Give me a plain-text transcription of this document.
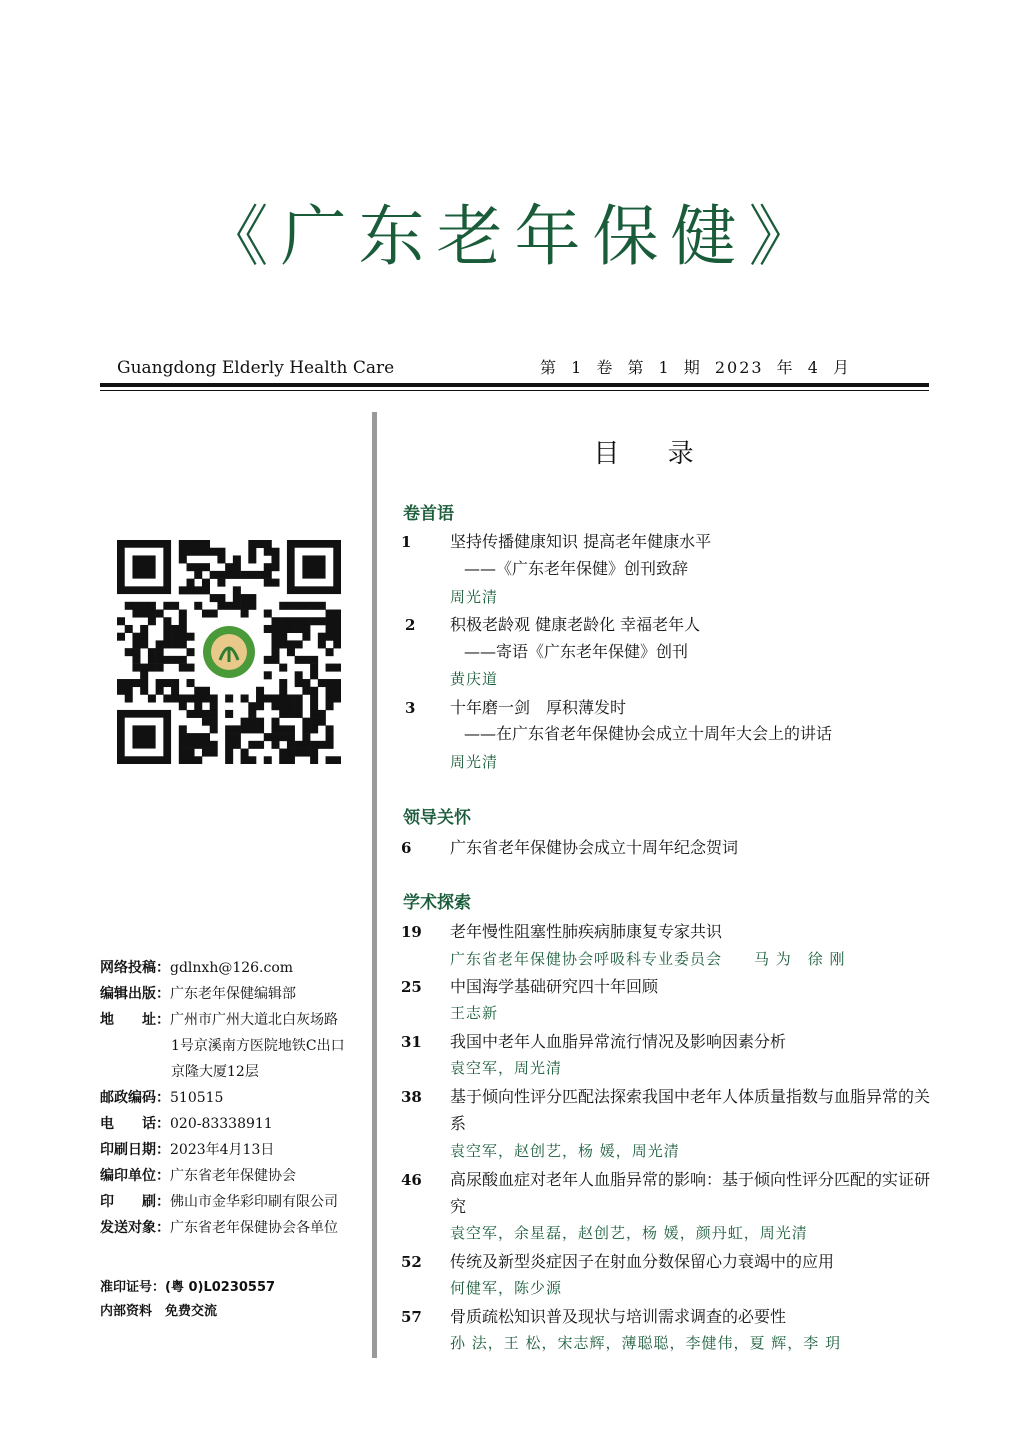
《广东老年保健》
Guangdong Elderly Health Care	第 1 卷 第 1 期 2023 年 4 月
网络投稿：gdlnxh@126.com
编辑出版：广东老年保健编辑部
地　　址：广州市广州大道北白灰场路
1号京溪南方医院地铁C出口
京隆大厦12层
邮政编码：510515
电　　话：020-83338911
印刷日期：2023年4月13日
编印单位：广东省老年保健协会
印　　刷：佛山市金华彩印刷有限公司
发送对象：广东省老年保健协会各单位
准印证号：(粤 0)L0230557
内部资料　免费交流
目 录
卷首语
1	坚持传播健康知识 提高老年健康水平
——《广东老年保健》创刊致辞
周光清
2	积极老龄观 健康老龄化 幸福老年人
——寄语《广东老年保健》创刊
黄庆道
3	十年磨一剑　厚积薄发时
——在广东省老年保健协会成立十周年大会上的讲话
周光清
领导关怀
6	广东省老年保健协会成立十周年纪念贺词
学术探索
19	老年慢性阻塞性肺疾病肺康复专家共识
广东省老年保健协会呼吸科专业委员会　　马 为　徐 刚
25	中国海学基础研究四十年回顾
王志新
31	我国中老年人血脂异常流行情况及影响因素分析
袁空军，周光清
38	基于倾向性评分匹配法探索我国中老年人体质量指数与血脂异常的关系
袁空军，赵创艺，杨 媛，周光清
46	高尿酸血症对老年人血脂异常的影响：基于倾向性评分匹配的实证研究
袁空军，余星磊，赵创艺，杨 媛，颜丹虹，周光清
52	传统及新型炎症因子在射血分数保留心力衰竭中的应用
何健军，陈少源
57	骨质疏松知识普及现状与培训需求调查的必要性
孙 法，王 松，宋志辉，薄聪聪，李健伟，夏 辉，李 玥
